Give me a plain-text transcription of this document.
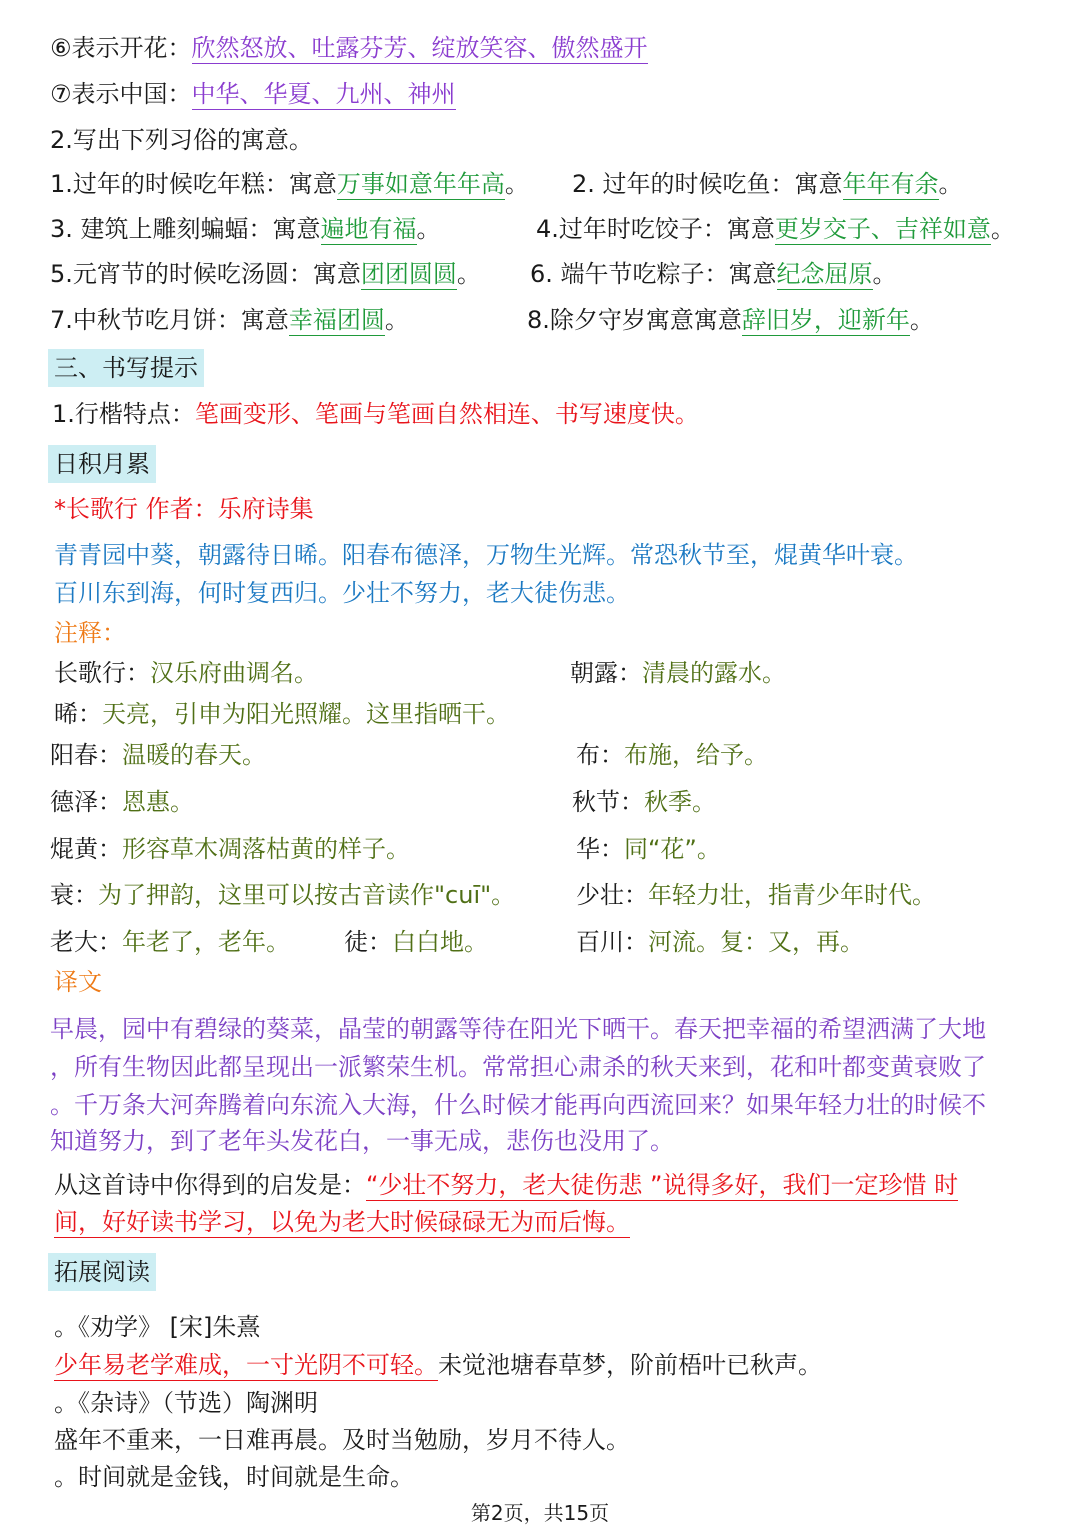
⑥表示开花：欣然怒放、吐露芬芳、绽放笑容、傲然盛开
⑦表示中国：中华、华夏、九州、神州
2.写出下列习俗的寓意。
1.过年的时候吃年糕：寓意万事如意年年高。 2. 过年的时候吃鱼：寓意年年有余。
3. 建筑上雕刻蝙蝠：寓意遍地有福。	4.过年时吃饺子：寓意更岁交子、吉祥如意。
5.元宵节的时候吃汤圆：寓意团团圆圆。 6. 端午节吃粽子：寓意纪念屈原。
7.中秋节吃月饼：寓意幸福团圆。	8.除夕守岁寓意寓意辞旧岁，迎新年。
三、书写提示
1.行楷特点：笔画变形、笔画与笔画自然相连、书写速度快。
日积月累
*长歌行 作者：乐府诗集
青青园中葵，朝露待日晞。阳春布德泽，万物生光辉。常恐秋节至，焜黄华叶衰。
百川东到海，何时复西归。少壮不努力，老大徒伤悲。
注释：
长歌行：汉乐府曲调名。	朝露：清晨的露水。
晞：天亮，引申为阳光照耀。这里指晒干。
阳春：温暖的春天。	布：布施，给予。
德泽：恩惠。	秋节：秋季。
焜黄：形容草木凋落枯黄的样子。	华：同“花”。
衰：为了押韵，这里可以按古音读作"cuī"。	少壮：年轻力壮，指青少年时代。
老大：年老了，老年。 徒：白白地。	百川：河流。复：又，再。
译文
早晨，园中有碧绿的葵菜，晶莹的朝露等待在阳光下晒干。春天把幸福的希望洒满了大地
，所有生物因此都呈现出一派繁荣生机。常常担心肃杀的秋天来到，花和叶都变黄衰败了
。千万条大河奔腾着向东流入大海，什么时候才能再向西流回来？如果年轻力壮的时候不
知道努力，到了老年头发花白，一事无成，悲伤也没用了。
从这首诗中你得到的启发是：“少壮不努力，老大徒伤悲 ”说得多好，我们一定珍惜 时
间，好好读书学习，以免为老大时候碌碌无为而后悔。
拓展阅读
。《劝学》 [宋]朱熹
少年易老学难成，一寸光阴不可轻。未觉池塘春草梦，阶前梧叶已秋声。
。《杂诗》（节选）陶渊明
盛年不重来，一日难再晨。及时当勉励，岁月不待人。
。时间就是金钱，时间就是生命。
第2页，共15页
